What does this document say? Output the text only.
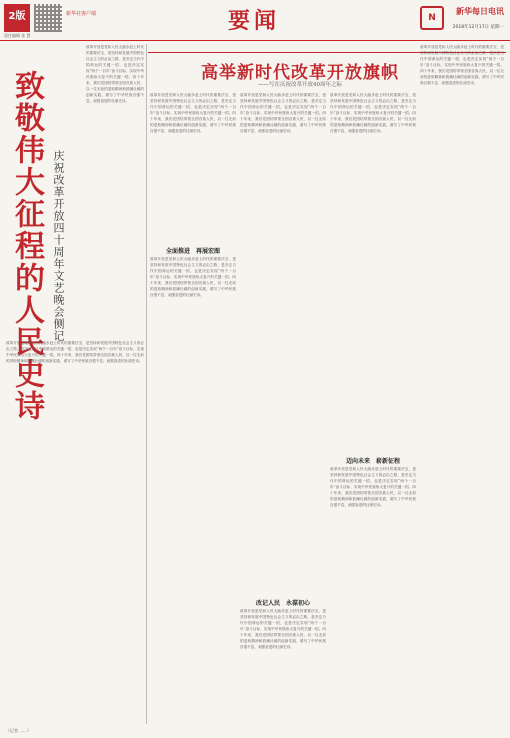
2版
责任编辑 张 慧
新华社客户端	要闻	N
新华每日电讯
2018年12月17日 星期一
高举新时代改革开放旗帜
——写在庆祝改革开放40周年之际
致敬伟大征程的人民史诗 庆祝改革开放四十周年文艺晚会侧记
改革开放是党和人民大踏步赶上时代的重要法宝，是坚持和发展中国特色社会主义的必由之路，是决定当代中国命运的关键一招，也是决定实现“两个一百年”奋斗目标、实现中华民族伟大复兴的关键一招。四十年来，我们党团结带领全国各族人民，以一往无前的进取精神和波澜壮阔的创新实践，谱写了中华民族自强不息、顽强奋进的壮丽史诗。
改革开放是党和人民大踏步赶上时代的重要法宝，是坚持和发展中国特色社会主义的必由之路，是决定当代中国命运的关键一招，也是决定实现“两个一百年”奋斗目标、实现中华民族伟大复兴的关键一招。四十年来，我们党团结带领全国各族人民，以一往无前的进取精神和波澜壮阔的创新实践，谱写了中华民族自强不息、顽强奋进的壮丽史诗。
改革开放是党和人民大踏步赶上时代的重要法宝，是坚持和发展中国特色社会主义的必由之路，是决定当代中国命运的关键一招，也是决定实现“两个一百年”奋斗目标、实现中华民族伟大复兴的关键一招。四十年来，我们党团结带领全国各族人民，以一往无前的进取精神和波澜壮阔的创新实践，谱写了中华民族自强不息、顽强奋进的壮丽史诗。
全面推进　再展宏图
改革开放是党和人民大踏步赶上时代的重要法宝，是坚持和发展中国特色社会主义的必由之路，是决定当代中国命运的关键一招，也是决定实现“两个一百年”奋斗目标、实现中华民族伟大复兴的关键一招。四十年来，我们党团结带领全国各族人民，以一往无前的进取精神和波澜壮阔的创新实践，谱写了中华民族自强不息、顽强奋进的壮丽史诗。
改革开放是党和人民大踏步赶上时代的重要法宝，是坚持和发展中国特色社会主义的必由之路，是决定当代中国命运的关键一招，也是决定实现“两个一百年”奋斗目标、实现中华民族伟大复兴的关键一招。四十年来，我们党团结带领全国各族人民，以一往无前的进取精神和波澜壮阔的创新实践，谱写了中华民族自强不息、顽强奋进的壮丽史诗。
改记人民　永葆初心
改革开放是党和人民大踏步赶上时代的重要法宝，是坚持和发展中国特色社会主义的必由之路，是决定当代中国命运的关键一招，也是决定实现“两个一百年”奋斗目标、实现中华民族伟大复兴的关键一招。四十年来，我们党团结带领全国各族人民，以一往无前的进取精神和波澜壮阔的创新实践，谱写了中华民族自强不息、顽强奋进的壮丽史诗。
改革开放是党和人民大踏步赶上时代的重要法宝，是坚持和发展中国特色社会主义的必由之路，是决定当代中国命运的关键一招，也是决定实现“两个一百年”奋斗目标、实现中华民族伟大复兴的关键一招。四十年来，我们党团结带领全国各族人民，以一往无前的进取精神和波澜壮阔的创新实践，谱写了中华民族自强不息、顽强奋进的壮丽史诗。
迈向未来　崭新征程
改革开放是党和人民大踏步赶上时代的重要法宝，是坚持和发展中国特色社会主义的必由之路，是决定当代中国命运的关键一招，也是决定实现“两个一百年”奋斗目标、实现中华民族伟大复兴的关键一招。四十年来，我们党团结带领全国各族人民，以一往无前的进取精神和波澜壮阔的创新实践，谱写了中华民族自强不息、顽强奋进的壮丽史诗。
改革开放是党和人民大踏步赶上时代的重要法宝，是坚持和发展中国特色社会主义的必由之路，是决定当代中国命运的关键一招，也是决定实现“两个一百年”奋斗目标、实现中华民族伟大复兴的关键一招。四十年来，我们党团结带领全国各族人民，以一往无前的进取精神和波澜壮阔的创新实践，谱写了中华民族自强不息、顽强奋进的壮丽史诗。
（记者 ……）
